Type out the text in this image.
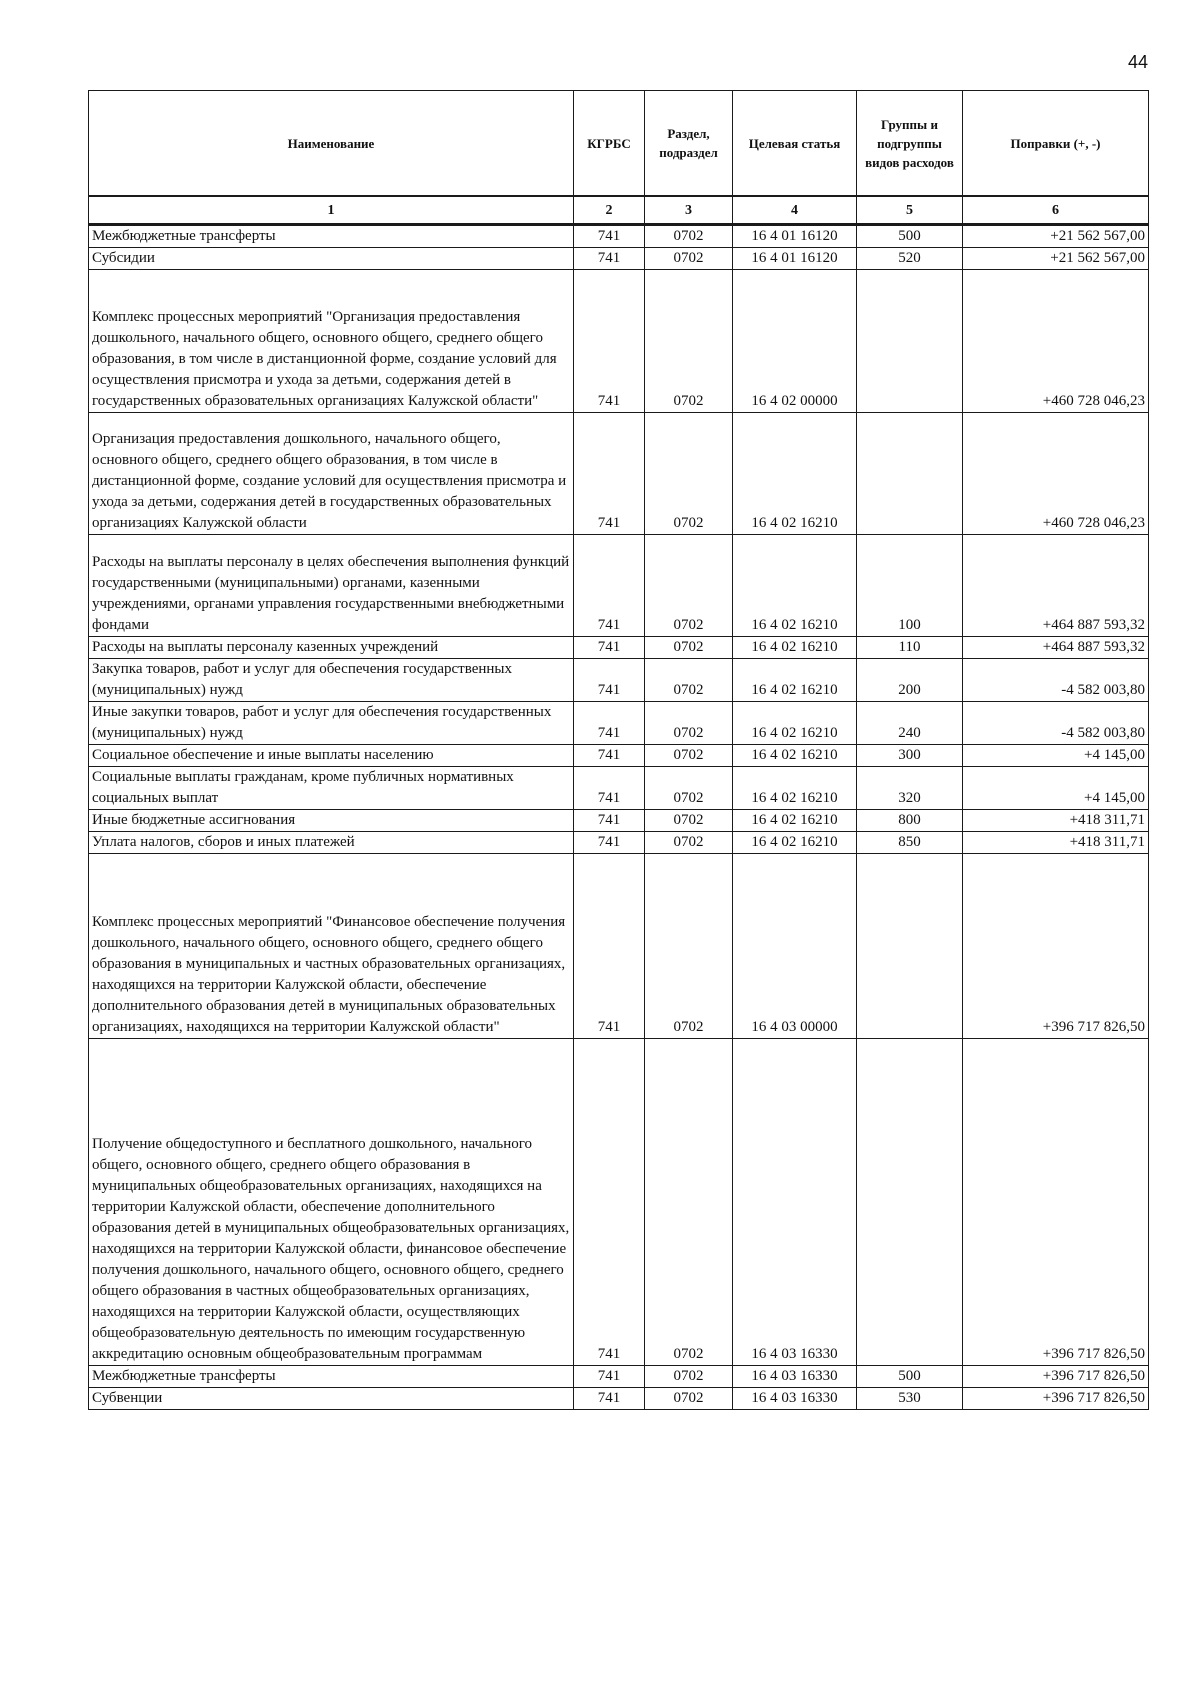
44
Наименование	КГРБС	Раздел, подраздел	Целевая статья	Группы и подгруппы видов расходов	Поправки (+, -)
1	2	3	4	5	6
Межбюджетные трансферты	741	0702	16 4 01 16120	500	+21 562 567,00
Субсидии	741	0702	16 4 01 16120	520	+21 562 567,00
Комплекс процессных мероприятий "Организация предоставления дошкольного, начального общего, основного общего, среднего общего образования, в том числе в дистанционной форме, создание условий для осуществления присмотра и ухода за детьми, содержания детей в государственных образовательных организациях Калужской области"	741	0702	16 4 02 00000		+460 728 046,23
Организация предоставления дошкольного, начального общего, основного общего, среднего общего образования, в том числе в дистанционной форме, создание условий для осуществления присмотра и ухода за детьми, содержания детей в государственных образовательных организациях Калужской области	741	0702	16 4 02 16210		+460 728 046,23
Расходы на выплаты персоналу в целях обеспечения выполнения функций государственными (муниципальными) органами, казенными учреждениями, органами управления государственными внебюджетными фондами	741	0702	16 4 02 16210	100	+464 887 593,32
Расходы на выплаты персоналу казенных учреждений	741	0702	16 4 02 16210	110	+464 887 593,32
Закупка товаров, работ и услуг для обеспечения государственных (муниципальных) нужд	741	0702	16 4 02 16210	200	-4 582 003,80
Иные закупки товаров, работ и услуг для обеспечения государственных (муниципальных) нужд	741	0702	16 4 02 16210	240	-4 582 003,80
Социальное обеспечение и иные выплаты населению	741	0702	16 4 02 16210	300	+4 145,00
Социальные выплаты гражданам, кроме публичных нормативных социальных выплат	741	0702	16 4 02 16210	320	+4 145,00
Иные бюджетные ассигнования	741	0702	16 4 02 16210	800	+418 311,71
Уплата налогов, сборов и иных платежей	741	0702	16 4 02 16210	850	+418 311,71
Комплекс процессных мероприятий "Финансовое обеспечение получения дошкольного, начального общего, основного общего, среднего общего образования в муниципальных и частных образовательных организациях, находящихся на территории Калужской области, обеспечение дополнительного образования детей в муниципальных образовательных организациях, находящихся на территории Калужской области"	741	0702	16 4 03 00000		+396 717 826,50
Получение общедоступного и бесплатного дошкольного, начального общего, основного общего, среднего общего образования в муниципальных общеобразовательных организациях, находящихся на территории Калужской области, обеспечение дополнительного образования детей в муниципальных общеобразовательных организациях, находящихся на территории Калужской области, финансовое обеспечение получения дошкольного, начального общего, основного общего, среднего общего образования в частных общеобразовательных организациях, находящихся на территории Калужской области, осуществляющих общеобразовательную деятельность по имеющим государственную аккредитацию основным общеобразовательным программам	741	0702	16 4 03 16330		+396 717 826,50
Межбюджетные трансферты	741	0702	16 4 03 16330	500	+396 717 826,50
Субвенции	741	0702	16 4 03 16330	530	+396 717 826,50
